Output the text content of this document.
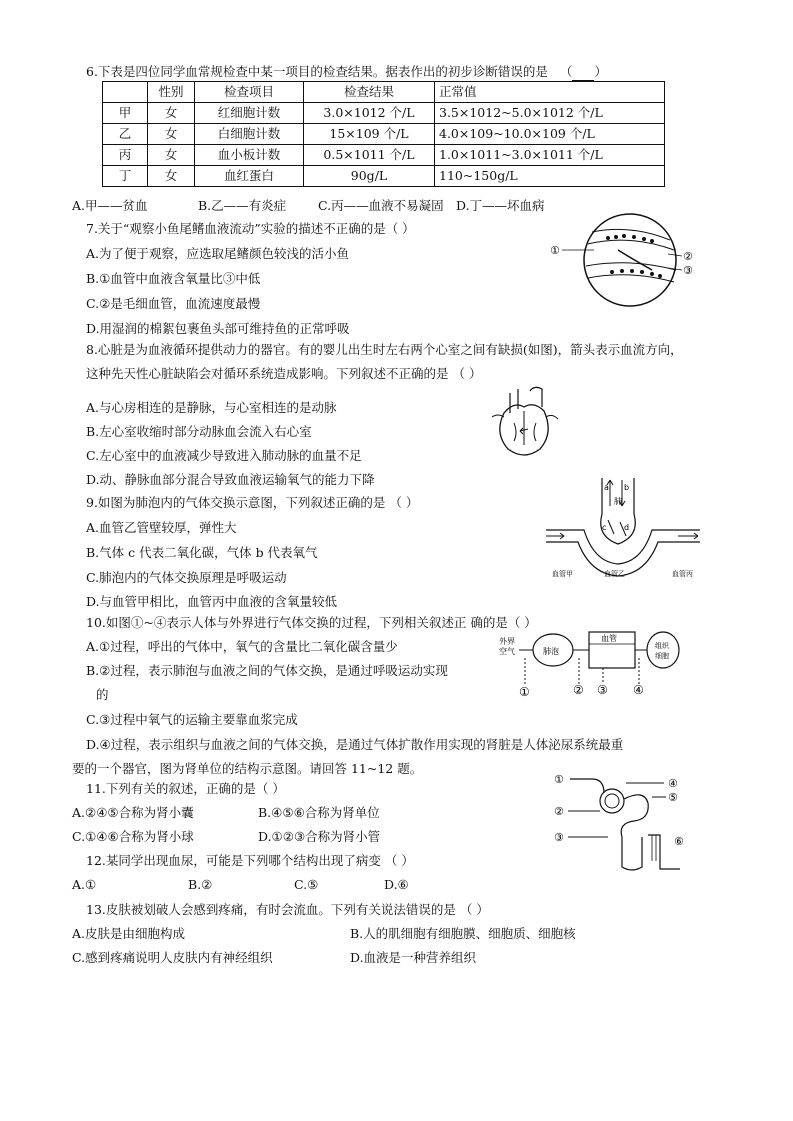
6.下表是四位同学血常规检查中某一项目的检查结果。据表作出的初步诊断错误的是 （ ）
	性别	检查项目	检查结果	正常值
甲	女	红细胞计数	3.0×1012 个/L	3.5×1012~5.0×1012 个/L
乙	女	白细胞计数	15×109 个/L	4.0×109~10.0×109 个/L
丙	女	血小板计数	0.5×1011 个/L	1.0×1011~3.0×1011 个/L
丁	女	血红蛋白	90g/L	110~150g/L
A.甲——贫血	B.乙——有炎症	C.丙——血液不易凝固 D.丁——坏血病
7.关于“观察小鱼尾鳍血液流动”实验的描述不正确的是（ ）
A.为了便于观察，应选取尾鳍颜色较浅的活小鱼
B.①血管中血液含氧量比③中低
C.②是毛细血管，血流速度最慢
D.用湿润的棉絮包裹鱼头部可维持鱼的正常呼吸
①	②
③
8.心脏是为血液循环提供动力的器官。有的婴儿出生时左右两个心室之间有缺损(如图)，箭头表示血流方向，
这种先天性心脏缺陷会对循环系统造成影响。下列叙述不正确的是 （ ）
A.与心房相连的是静脉，与心室相连的是动脉
B.左心室收缩时部分动脉血会流入右心室
C.左心室中的血液减少导致进入肺动脉的血量不足
D.动、静脉血部分混合导致血液运输氧气的能力下降
9.如图为肺泡内的气体交换示意图，下列叙述正确的是 （ ）
A.血管乙管壁较厚，弹性大
B.气体 c 代表二氧化碳，气体 b 代表氧气
C.肺泡内的气体交换原理是呼吸运动
D.与血管甲相比，血管丙中血液的含氧量较低
a b
肺
c d
血管甲	血管乙	血管丙
10.如图①~④表示人体与外界进行气体交换的过程，下列相关叙述正 确的是（ ）
A.①过程，呼出的气体中，氧气的含量比二氧化碳含量少
B.②过程，表示肺泡与血液之间的气体交换，是通过呼吸运动实现
的
C.③过程中氧气的运输主要靠血浆完成
D.④过程，表示组织与血液之间的气体交换，是通过气体扩散作用实现的肾脏是人体泌尿系统最重
要的一个器官，图为肾单位的结构示意图。请回答 11~12 题。
外界
空气	肺泡
血管
组织
细胞
①	② ③ ④
11.下列有关的叙述，正确的是（ ）
A.②④⑤合称为肾小囊	B.④⑤⑥合称为肾单位
C.①④⑥合称为肾小球	D.①②③合称为肾小管
①
②
③
④
⑤
⑥
12.某同学出现血尿，可能是下列哪个结构出现了病变 （ ）
A.①	B.②	C.⑤	D.⑥
13.皮肤被划破人会感到疼痛，有时会流血。下列有关说法错误的是 （ ）
A.皮肤是由细胞构成	B.人的肌细胞有细胞膜、细胞质、细胞核
C.感到疼痛说明人皮肤内有神经组织	D.血液是一种营养组织
